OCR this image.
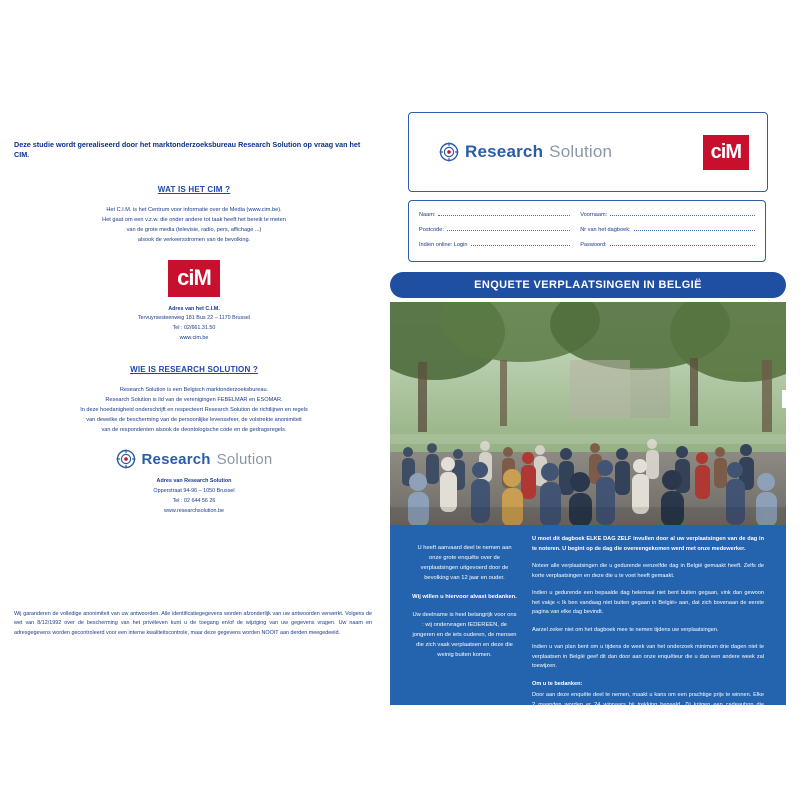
Deze studie wordt gerealiseerd door het marktonderzoeksbureau Research Solution op vraag van het CIM.

WAT IS HET CIM ?
Het C.I.M. is het Centrum voor informatie over de Media (www.cim.be).
Het gaat om een v.z.w. die onder andere tot taak heeft het bereik te meten
van de grote media (televisie, radio, pers, affichage ...)
alsook de verkeersstromen van de bevolking.
ciM
Adres van het C.I.M.
Tervuyrsesteenweg 181 Bus 22 – 1170 Brussel
Tel : 02/661.31.50
www.cim.be
WIE IS RESEARCH SOLUTION ?
Research Solution is een Belgisch marktonderzoeksbureau.
Research Solution is lid van de verenigingen FEBELMAR en ESOMAR.
In deze hoedanigheid onderschrijft en respecteert Research Solution de richtlijnen en regels
van dewelke de bescherming van de persoonlijke levenssfeer, de volstrekte anonimiteit
van de respondenten alsook de deontologische code en de gedragsregels.
Research Solution
Adres van Research Solution
Opperstraat 94-96 – 1050 Brussel
Tel : 02 644 56 26
www.researchsolution.be
Wij garanderen de volledige anonimiteit van uw antwoorden. Alle identificatiegegevens worden afzonderlijk van uw antwoorden verwerkt. Volgens de wet van 8/12/1992 over de bescherming van het privéleven kunt u de toegang en/of de wijziging van uw gegevens vragen. Uw naam en adresgegevens worden gecontroleerd voor een interne kwaliteitscontrole, maar deze gegevens worden NOOIT aan derden meegedeeld.
Research Solution	ciM
Naam:	Voornaam:
Postcode:	Nr van het dagboek:
Indien online: Login	Paswoord:
ENQUETE VERPLAATSINGEN IN BELGIË

U heeft aanvaard deel te nemen aan onze grote enquête over de verplaatsingen uitgevoerd door de bevolking van 12 jaar en ouder.

Wij willen u hiervoor alvast bedanken.

Uw deelname is heel belangrijk voor ons : wij ondervragen IEDEREEN, de jongeren en de iets ouderen, de mensen die zich vaak verplaatsen en deze die weinig buiten komen.

U moet dit dagboek ELKE DAG ZELF invullen door al uw verplaatsingen van de dag in te noteren. U begint op de dag die overeengekomen werd met onze medewerker.

Noteer alle verplaatsingen die u gedurende eenzelfde dag in België gemaakt heeft. Zelfs de korte verplaatsingen en deze die u te voet heeft gemaakt.

Indien u gedurende een bepaalde dag helemaal niet bent buiten gegaan, vink dan gewoon het vakje « Ik ben vandaag niet buiten gegaan in België» aan, dat zich bovenaan de eerste pagina van elke dag bevindt.

Aarzel zeker niet om het dagboek mee te nemen tijdens uw verplaatsingen.

Indien u van plan bent om u tijdens de week van het onderzoek minimum drie dagen niet te verplaatsen in België geef dit dan door aan onze enquêteur die u dan een andere week zal toewijzen.

Om u te bedanken:

Door aan deze enquête deel te nemen, maakt u kans om een prachtige prijs te winnen. Elke 2 maanden worden er 24 winnaars bij trekking bepaald. Zij krijgen een cadeaubon die varieert tussen 20 € en 250 €.
